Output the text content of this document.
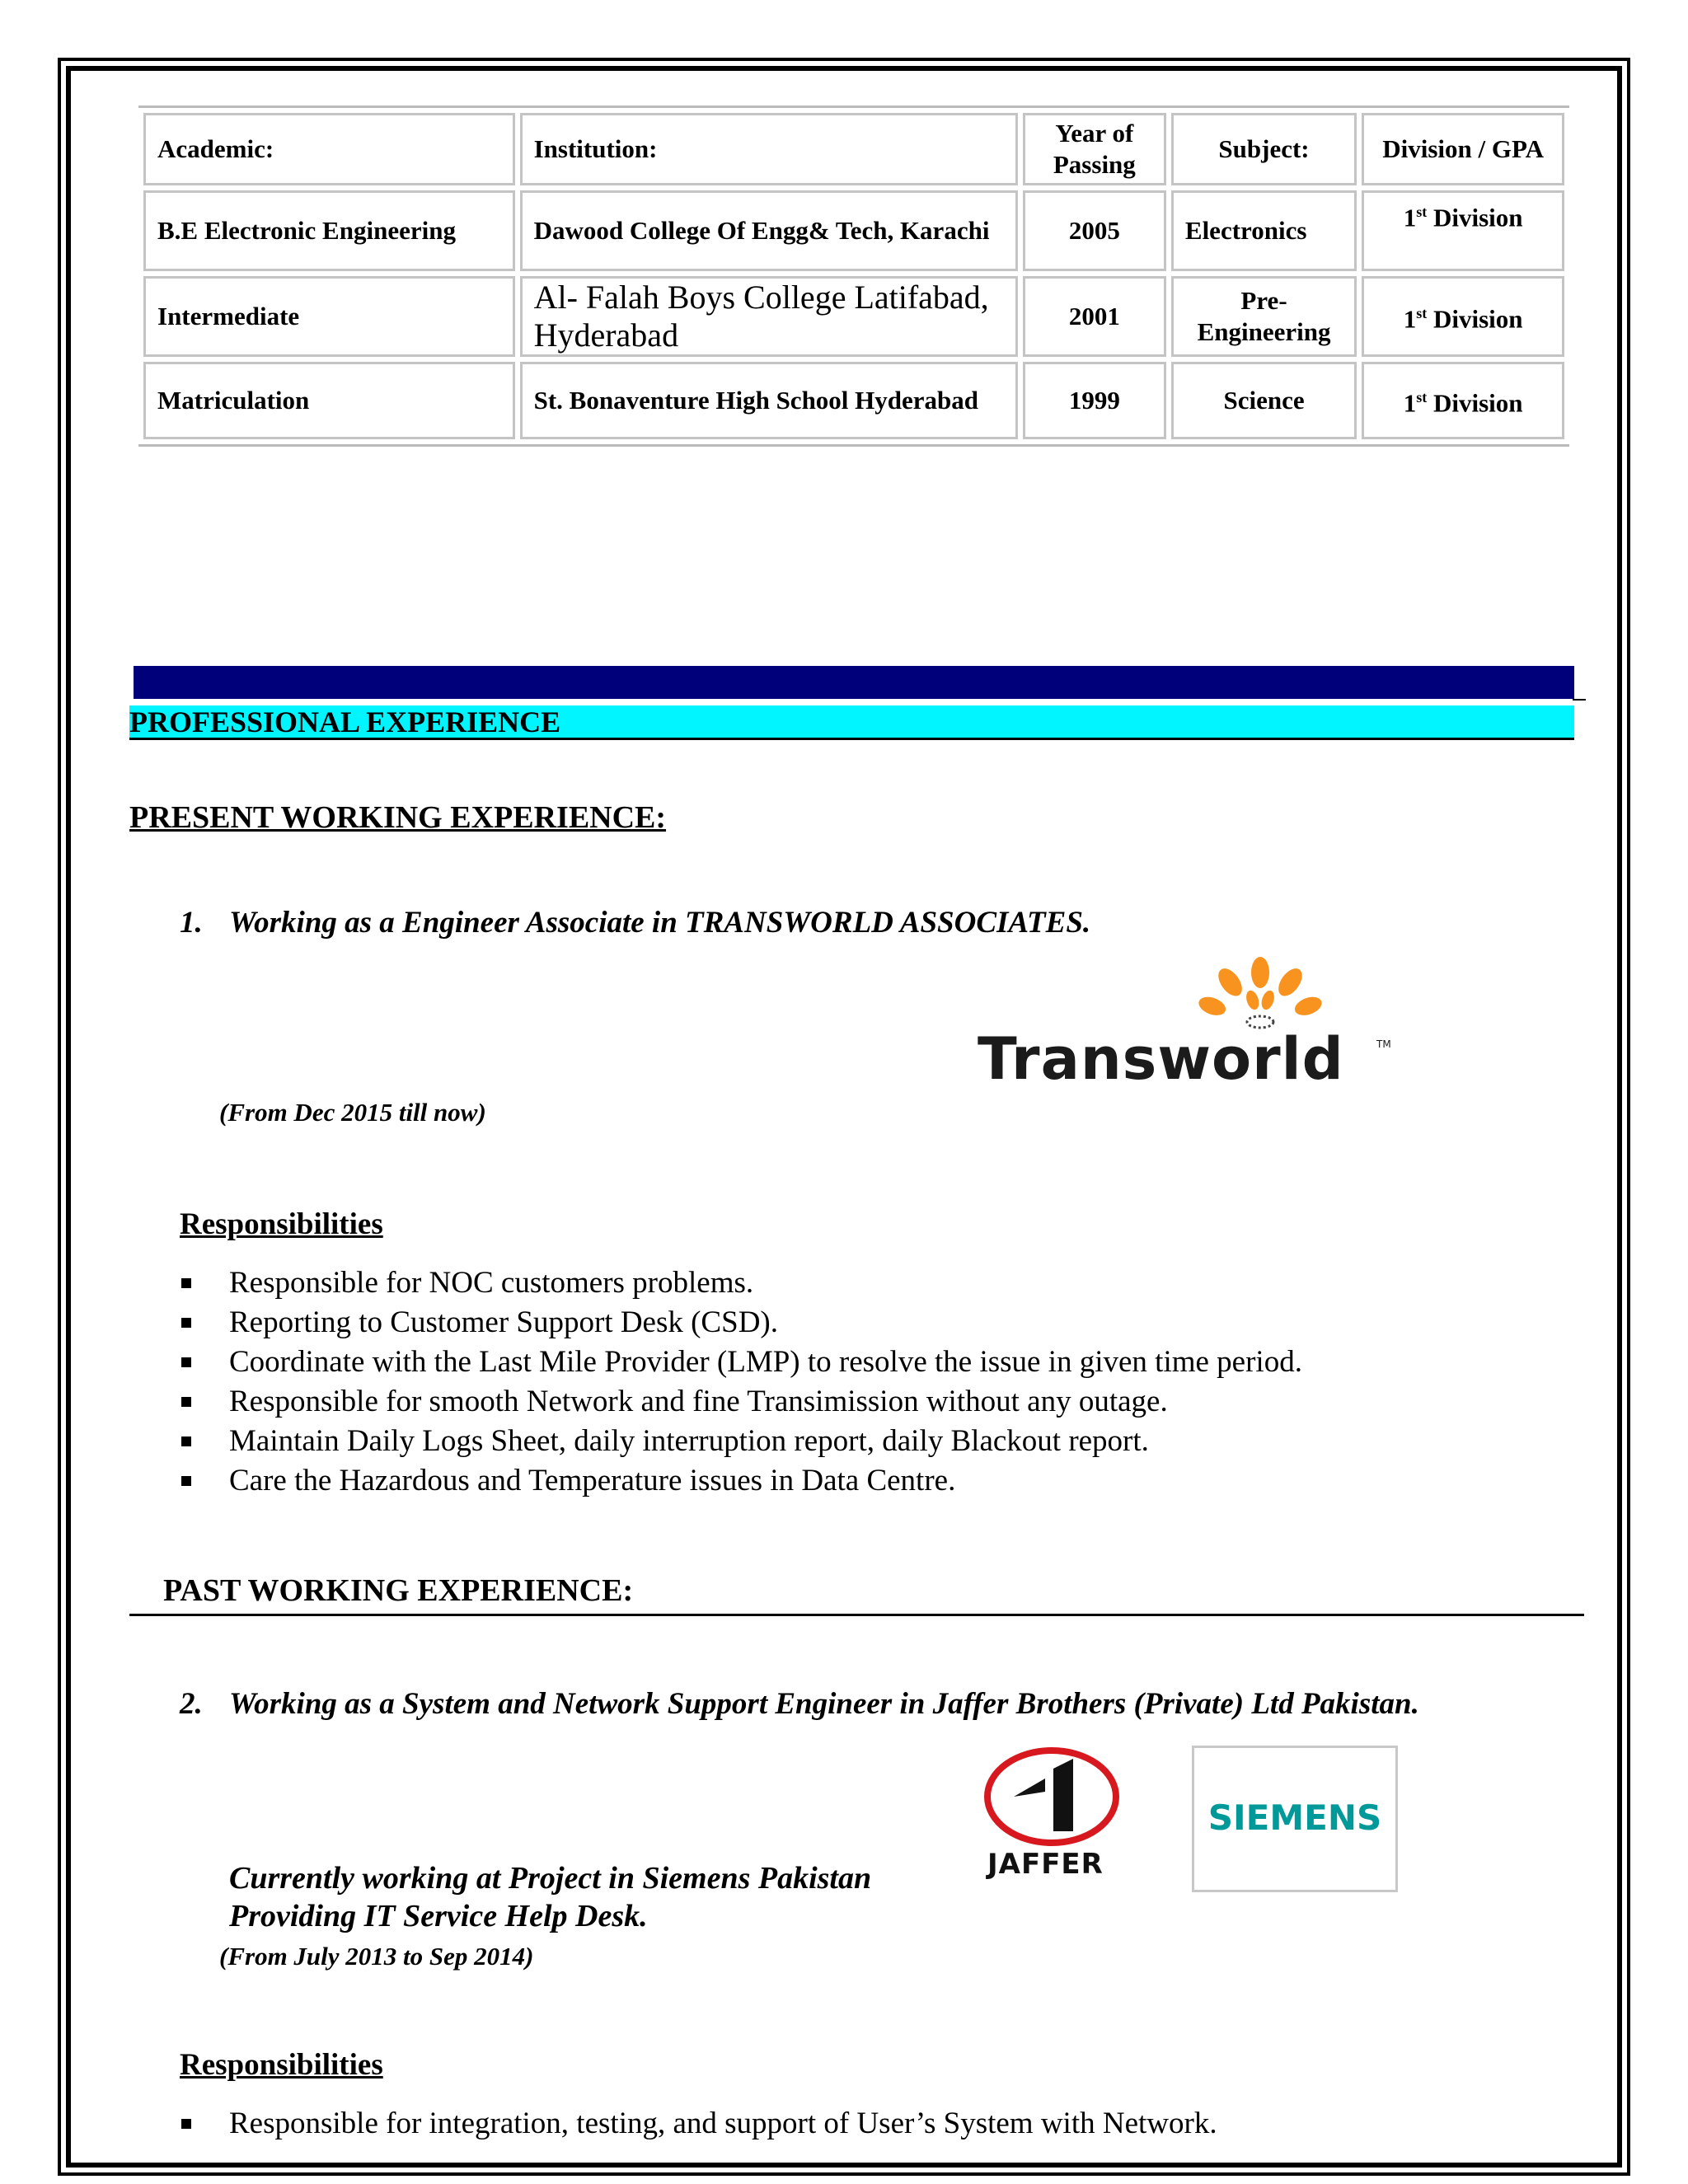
Academic:	Institution:	Year of Passing	Subject:	Division / GPA
B.E Electronic Engineering	Dawood College Of Engg& Tech, Karachi	2005	Electronics	1st Division
Intermediate	Al- Falah Boys College Latifabad, Hyderabad	2001	Pre-Engineering	1st Division
Matriculation	St. Bonaventure High School Hyderabad	1999	Science	1st Division
PROFESSIONAL EXPERIENCE

PRESENT WORKING EXPERIENCE:

1. Working as a Engineer Associate in TRANSWORLD ASSOCIATES.

Transworld	TM

(From Dec 2015 till now)

Responsibilities

Responsible for NOC customers problems.
Reporting to Customer Support Desk (CSD).
Coordinate with the Last Mile Provider (LMP) to resolve the issue in given time period.
Responsible for smooth Network and fine Transimission without any outage.
Maintain Daily Logs Sheet, daily interruption report, daily Blackout report.
Care the Hazardous and Temperature issues in Data Centre.

PAST WORKING EXPERIENCE:

2. Working as a System and Network Support Engineer in Jaffer Brothers (Private) Ltd Pakistan.

JAFFER
SIEMENS

Currently working at Project in Siemens Pakistan
Providing IT Service Help Desk.

(From July 2013 to Sep 2014)

Responsibilities

Responsible for integration, testing, and support of User’s System with Network.
